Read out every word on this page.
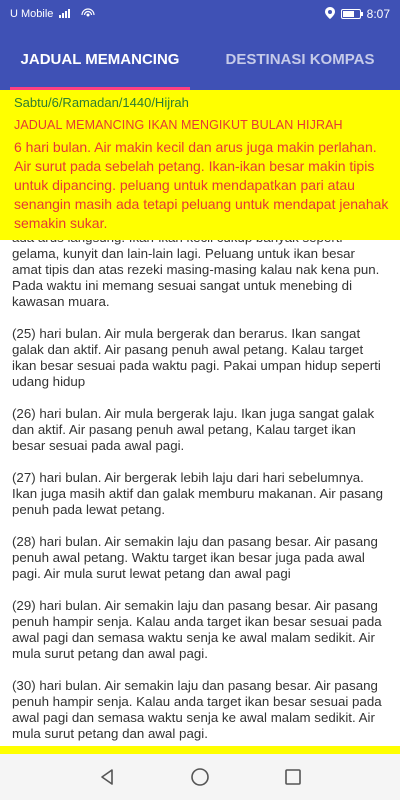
U Mobile	8:07
JADUAL MEMANCING	DESTINASI KOMPAS

gelama, kunyit dan lain-lain lagi. Peluang untuk ikan besar amat tipis dan atas rezeki masing-masing kalau nak kena pun. Pada waktu ini memang sesuai sangat untuk menebing di kawasan muara.

(25) hari bulan. Air mula bergerak dan berarus. Ikan sangat galak dan aktif. Air pasang penuh awal petang. Kalau target ikan besar sesuai pada waktu pagi. Pakai umpan hidup seperti udang hidup

(26) hari bulan. Air mula bergerak laju. Ikan juga sangat galak dan aktif. Air pasang penuh awal petang, Kalau target ikan besar sesuai pada awal pagi.

(27) hari bulan. Air bergerak lebih laju dari hari sebelumnya. Ikan juga masih aktif dan galak memburu makanan. Air pasang penuh pada lewat petang.

(28) hari bulan. Air semakin laju dan pasang besar. Air pasang penuh awal petang. Waktu target ikan besar juga pada awal pagi. Air mula surut lewat petang dan awal pagi

(29) hari bulan. Air semakin laju dan pasang besar. Air pasang penuh hampir senja. Kalau anda target ikan besar sesuai pada awal pagi dan semasa waktu senja ke awal malam sedikit. Air mula surut petang dan awal pagi.

(30) hari bulan. Air semakin laju dan pasang besar. Air pasang penuh hampir senja. Kalau anda target ikan besar sesuai pada awal pagi dan semasa waktu senja ke awal malam sedikit. Air mula surut petang dan awal pagi.

Sabtu/6/Ramadan/1440/Hijrah
JADUAL MEMANCING IKAN MENGIKUT BULAN HIJRAH
6 hari bulan. Air makin kecil dan arus juga makin perlahan. Air surut pada sebelah petang. Ikan-ikan besar makin tipis untuk dipancing. peluang untuk mendapatkan pari atau senangin masih ada tetapi peluang untuk mendapat jenahak semakin sukar.
